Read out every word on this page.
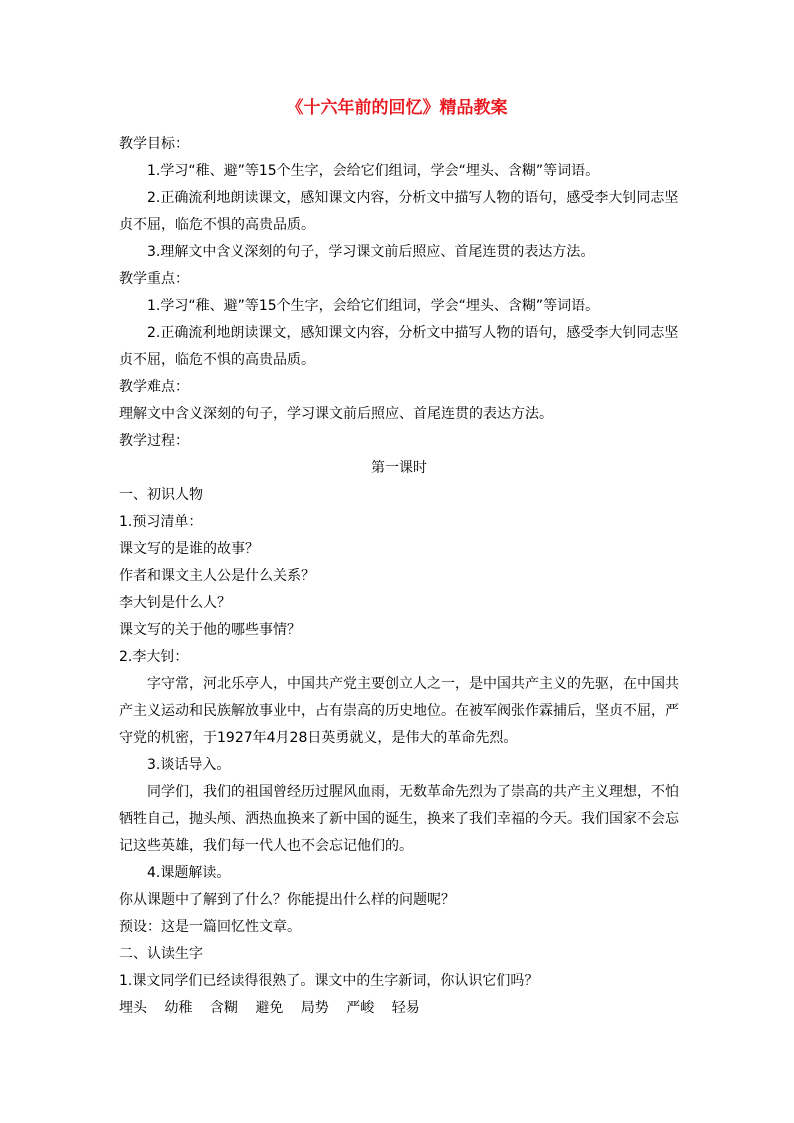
《十六年前的回忆》精品教案
教学目标：
1.学习“稚、避”等15个生字，会给它们组词，学会“埋头、含糊”等词语。
2.正确流利地朗读课文，感知课文内容，分析文中描写人物的语句，感受李大钊同志坚
贞不屈，临危不惧的高贵品质。
3.理解文中含义深刻的句子，学习课文前后照应、首尾连贯的表达方法。
教学重点：
1.学习“稚、避”等15个生字，会给它们组词，学会“埋头、含糊”等词语。
2.正确流利地朗读课文，感知课文内容，分析文中描写人物的语句，感受李大钊同志坚
贞不屈，临危不惧的高贵品质。
教学难点：
理解文中含义深刻的句子，学习课文前后照应、首尾连贯的表达方法。
教学过程：
第一课时
一、初识人物
1.预习清单：
课文写的是谁的故事？
作者和课文主人公是什么关系？
李大钊是什么人？
课文写的关于他的哪些事情？
2.李大钊：
字守常，河北乐亭人，中国共产党主要创立人之一，是中国共产主义的先驱，在中国共
产主义运动和民族解放事业中，占有崇高的历史地位。在被军阀张作霖捕后，坚贞不屈，严
守党的机密，于1927年4月28日英勇就义，是伟大的革命先烈。
3.谈话导入。
同学们，我们的祖国曾经历过腥风血雨，无数革命先烈为了崇高的共产主义理想，不怕
牺牲自己，抛头颅、洒热血换来了新中国的诞生，换来了我们幸福的今天。我们国家不会忘
记这些英雄，我们每一代人也不会忘记他们的。
4.课题解读。
你从课题中了解到了什么？你能提出什么样的问题呢？
预设：这是一篇回忆性文章。
二、认读生字
1.课文同学们已经读得很熟了。课文中的生字新词，你认识它们吗？
埋头 幼稚 含糊 避免 局势 严峻 轻易
